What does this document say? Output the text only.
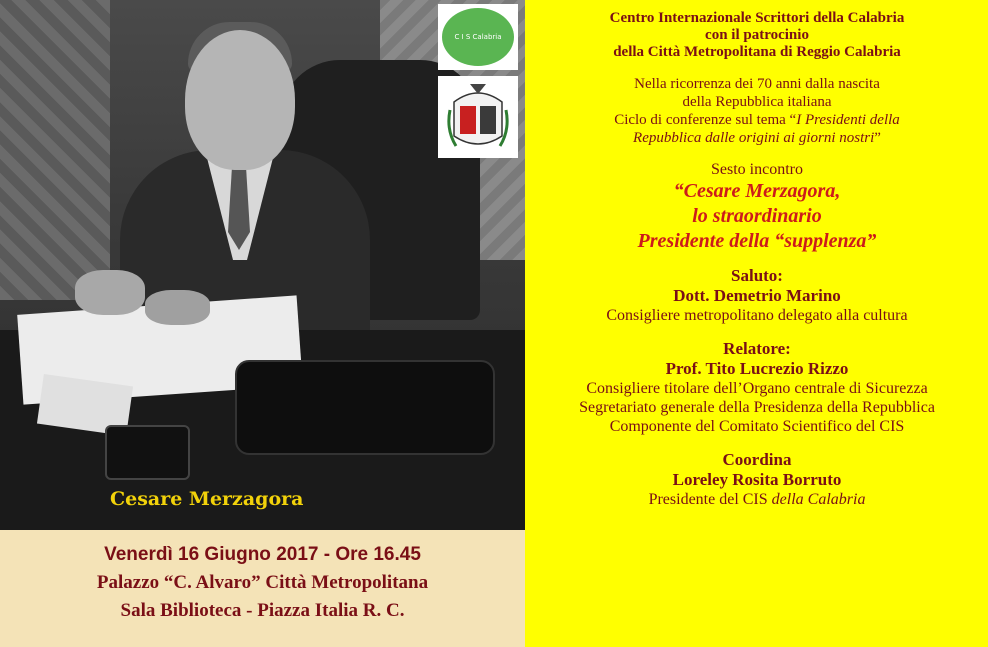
Cesare Merzagora
C I S Calabria
Venerdì 16 Giugno 2017 - Ore 16.45
Palazzo “C. Alvaro” Città Metropolitana
Sala Biblioteca - Piazza Italia R. C.
Centro Internazionale Scrittori della Calabria
con il patrocinio
della Città Metropolitana di Reggio Calabria
Nella ricorrenza dei 70 anni dalla nascita
della Repubblica italiana
Ciclo di conferenze sul tema “I Presidenti della
Repubblica dalle origini ai giorni nostri”
Sesto incontro
“Cesare Merzagora,
lo straordinario
Presidente della “supplenza”
Saluto:
Dott. Demetrio Marino
Consigliere metropolitano delegato alla cultura
Relatore:
Prof. Tito Lucrezio Rizzo
Consigliere titolare dell’Organo centrale di Sicurezza
Segretariato generale della Presidenza della Repubblica
Componente del Comitato Scientifico del CIS
Coordina
Loreley Rosita Borruto
Presidente del CIS della Calabria
